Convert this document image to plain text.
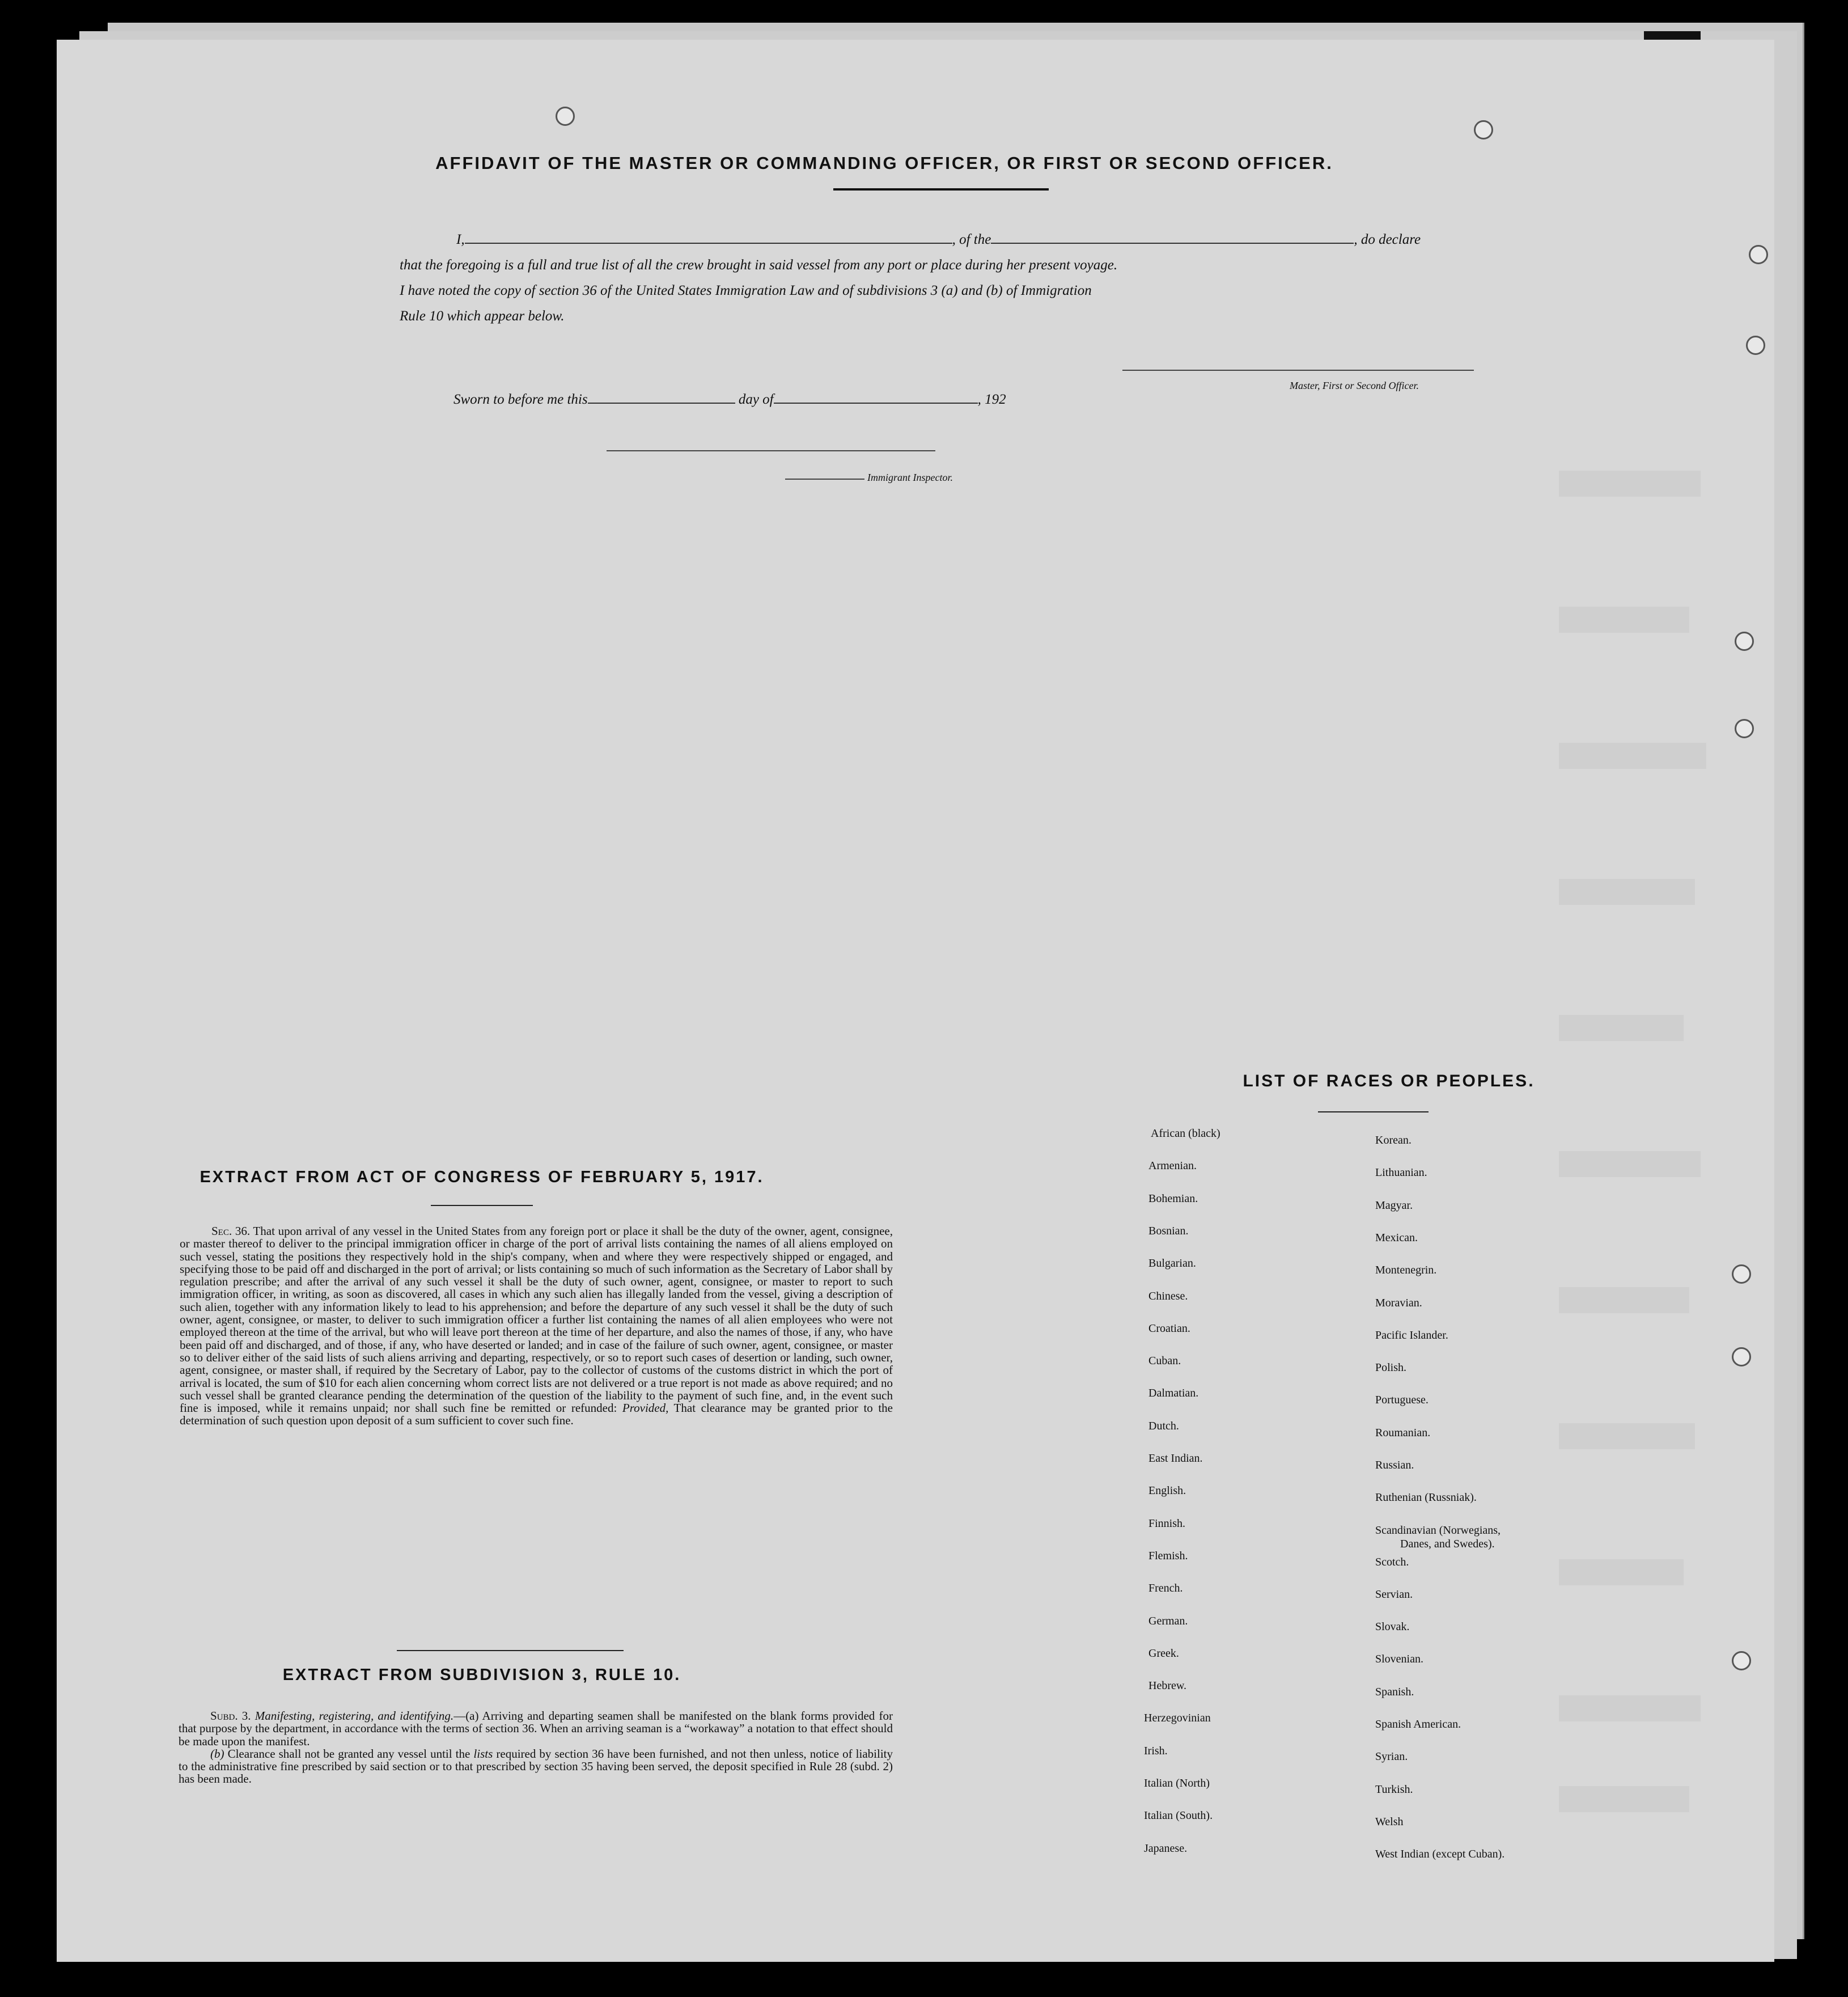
AFFIDAVIT OF THE MASTER OR COMMANDING OFFICER, OR FIRST OR SECOND OFFICER.
I,	, of the	, do declare
that the foregoing is a full and true list of all the crew brought in said vessel from any port or place during her present voyage.
I have noted the copy of section 36 of the United States Immigration Law and of subdivisions 3 (a) and (b) of Immigration
Rule 10 which appear below.
Master, First or Second Officer.
Sworn to before me this	day of	, 192
Immigrant Inspector.
EXTRACT FROM ACT OF CONGRESS OF FEBRUARY 5, 1917.
Sec. 36. That upon arrival of any vessel in the United States from any foreign port or place it shall be the duty of the owner, agent, consignee, or master thereof to deliver to the principal immigration officer in charge of the port of arrival lists containing the names of all aliens employed on such vessel, stating the positions they respectively hold in the ship's company, when and where they were respectively shipped or engaged, and specifying those to be paid off and discharged in the port of arrival; or lists containing so much of such information as the Secretary of Labor shall by regulation prescribe; and after the arrival of any such vessel it shall be the duty of such owner, agent, consignee, or master to report to such immigration officer, in writing, as soon as discovered, all cases in which any such alien has illegally landed from the vessel, giving a description of such alien, together with any information likely to lead to his apprehension; and before the departure of any such vessel it shall be the duty of such owner, agent, consignee, or master, to deliver to such immigration officer a further list containing the names of all alien employees who were not employed thereon at the time of the arrival, but who will leave port thereon at the time of her departure, and also the names of those, if any, who have been paid off and discharged, and of those, if any, who have deserted or landed; and in case of the failure of such owner, agent, consignee, or master so to deliver either of the said lists of such aliens arriving and departing, respectively, or so to report such cases of desertion or landing, such owner, agent, consignee, or master shall, if required by the Secretary of Labor, pay to the collector of customs of the customs district in which the port of arrival is located, the sum of $10 for each alien concerning whom correct lists are not delivered or a true report is not made as above required; and no such vessel shall be granted clearance pending the determination of the question of the liability to the payment of such fine, and, in the event such fine is imposed, while it remains unpaid; nor shall such fine be remitted or refunded: Provided, That clearance may be granted prior to the determination of such question upon deposit of a sum sufficient to cover such fine.
EXTRACT FROM SUBDIVISION 3, RULE 10.
Subd. 3. Manifesting, registering, and identifying.—(a) Arriving and departing seamen shall be manifested on the blank forms provided for that purpose by the department, in accordance with the terms of section 36. When an arriving seaman is a “workaway” a notation to that effect should be made upon the manifest.
(b) Clearance shall not be granted any vessel until the lists required by section 36 have been furnished, and not then unless, notice of liability to the administrative fine prescribed by said section or to that prescribed by section 35 having been served, the deposit specified in Rule 28 (subd. 2) has been made.
LIST OF RACES OR PEOPLES.
African (black)
Armenian.
Bohemian.
Bosnian.
Bulgarian.
Chinese.
Croatian.
Cuban.
Dalmatian.
Dutch.
East Indian.
English.
Finnish.
Flemish.
French.
German.
Greek.
Hebrew.
Herzegovinian
Irish.
Italian (North)
Italian (South).
Japanese.
Korean.
Lithuanian.
Magyar.
Mexican.
Montenegrin.
Moravian.
Pacific Islander.
Polish.
Portuguese.
Roumanian.
Russian.
Ruthenian (Russniak).
Scandinavian (Norwegians,
Danes, and Swedes).
Scotch.
Servian.
Slovak.
Slovenian.
Spanish.
Spanish American.
Syrian.
Turkish.
Welsh
West Indian (except Cuban).
